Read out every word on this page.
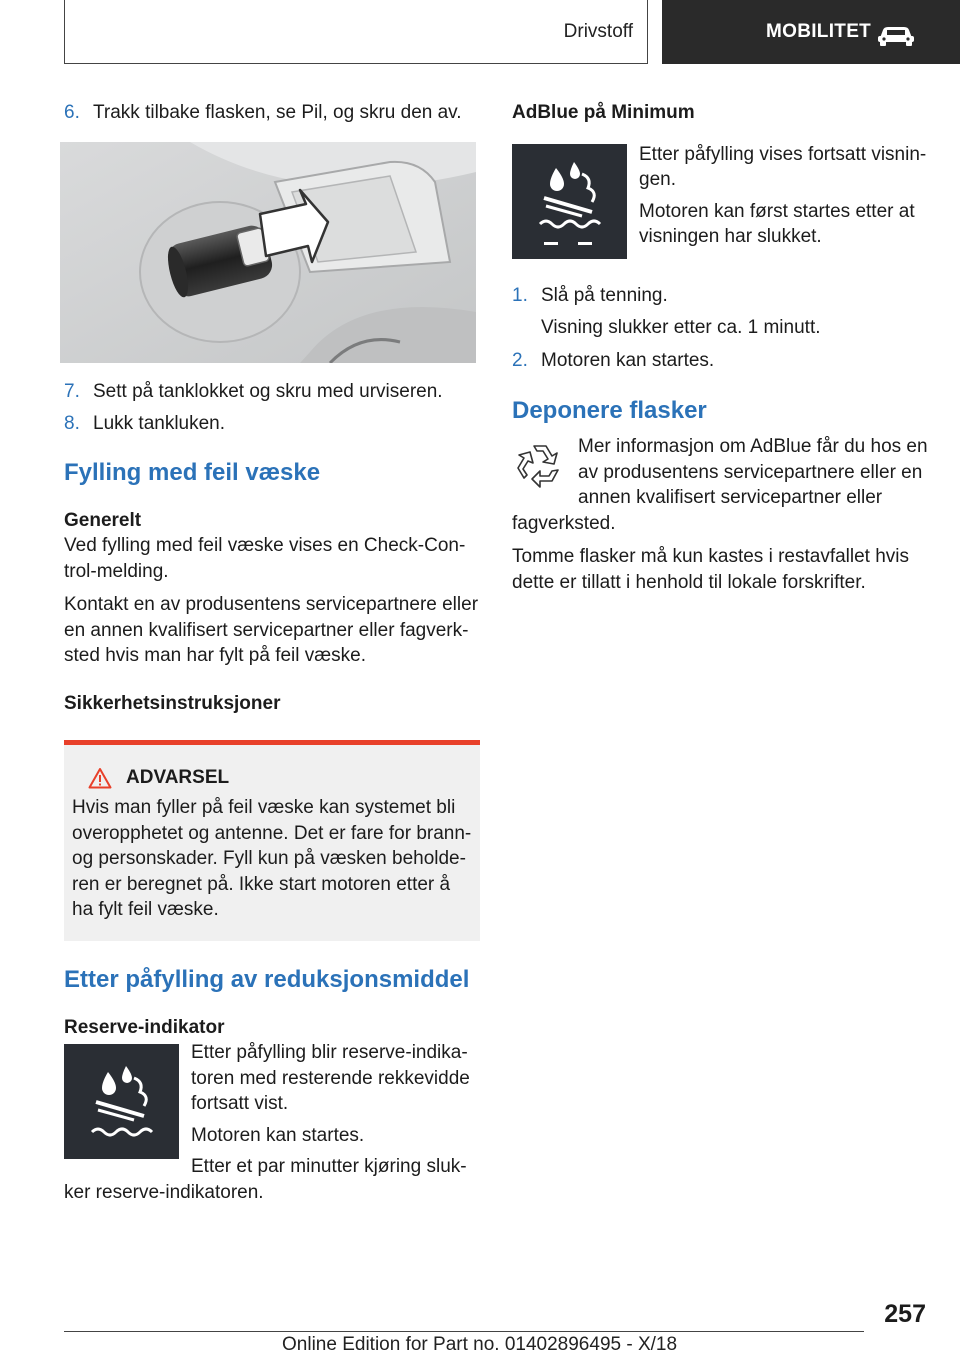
Drivstoff	MOBILITET
6. Trakk tilbake flasken, se Pil, og skru den av.
7. Sett på tanklokket og skru med urviseren.
8. Lukk tankluken.
Fylling med feil væske
Generelt

Ved fylling med feil væske vises en Check-Control-melding.

Kontakt en av produsentens servicepartnere eller en annen kvalifisert servicepartner eller fagverksted hvis man har fylt på feil væske.

Sikkerhetsinstruksjoner
ADVARSEL

Hvis man fyller på feil væske kan systemet bli overopphetet og antenne. Det er fare for brann- og personskader. Fyll kun på væsken beholderen er beregnet på. Ikke start motoren etter å ha fylt feil væske.

Etter påfylling av reduksjonsmiddel
Reserve-indikator

Etter påfylling blir reserve-indikatoren med resterende rekkevidde fortsatt vist.

Motoren kan startes.

Etter et par minutter kjøring slukker reserve-indikatoren.

AdBlue på Minimum

Etter påfylling vises fortsatt visningen.

Motoren kan først startes etter at visningen har slukket.

1. Slå på tenning.
Visning slukker etter ca. 1 minutt.
2. Motoren kan startes.
Deponere flasker

Mer informasjon om AdBlue får du hos en av produsentens servicepartnere eller en annen kvalifisert servicepartner eller fagverksted.

Tomme flasker må kun kastes i restavfallet hvis dette er tillatt i henhold til lokale forskrifter.

257
Online Edition for Part no. 01402896495 - X/18
